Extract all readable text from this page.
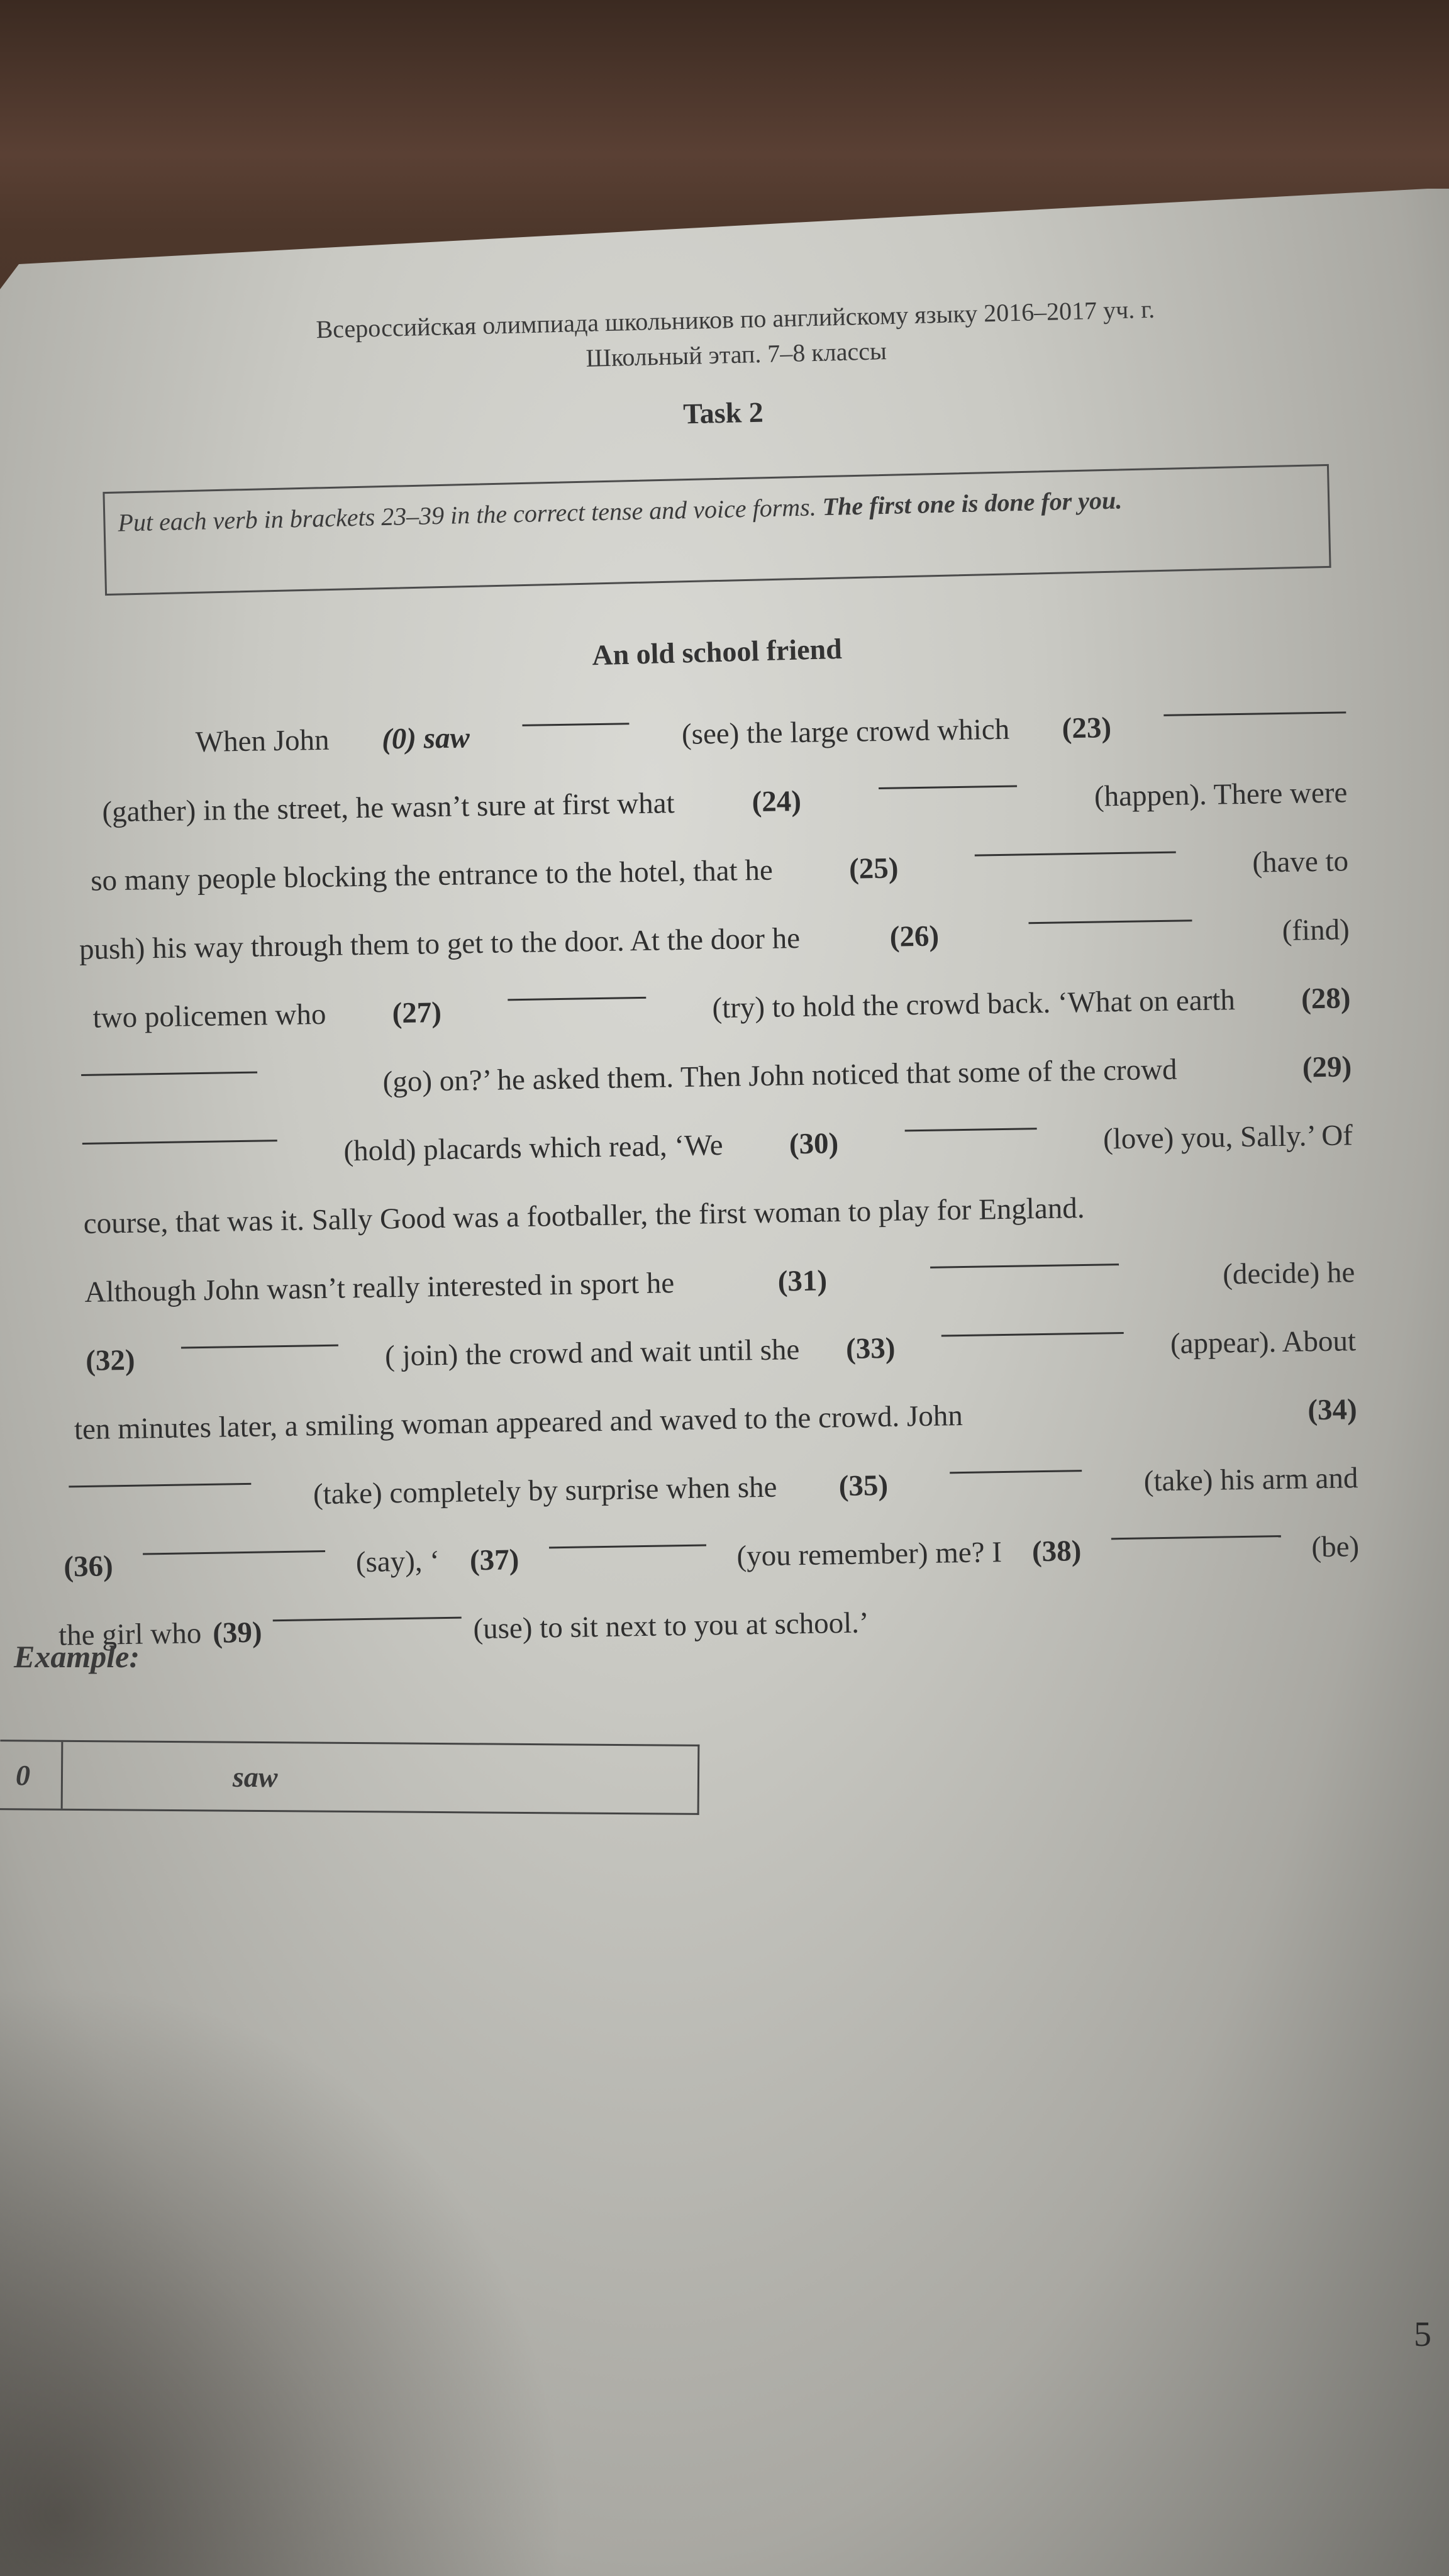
Всероссийская олимпиада школьников по английскому языку 2016–2017 уч. г.
Школьный этап. 7–8 классы
Task 2
Put each verb in brackets 23–39 in the correct tense and voice forms. The first one is done for you.
An old school friend
When John (0) saw	(see) the large crowd which (23)
(gather) in the street, he wasn’t sure at first what	(24)	(happen). There were
so many people blocking the entrance to the hotel, that he	(25)	(have to
push) his way through them to get to the door. At the door he	(26)	(find)
two policemen who (27)	(try) to hold the crowd back. ‘What on earth (28)
(go) on?’ he asked them. Then John noticed that some of the crowd	(29)
(hold) placards which read, ‘We (30)	(love) you, Sally.’ Of
course, that was it. Sally Good was a footballer, the first woman to play for England.
Although John wasn’t really interested in sport he	(31)	(decide) he
(32)	( join) the crowd and wait until she (33)	(appear). About
ten minutes later, a smiling woman appeared and waved to the crowd. John	(34)
(take) completely by surprise when she (35)	(take) his arm and
(36)	(say), ‘ (37)	(you remember) me? I (38)	(be)
the girl who (39)	(use) to sit next to you at school.’
Example:
0	saw
5
